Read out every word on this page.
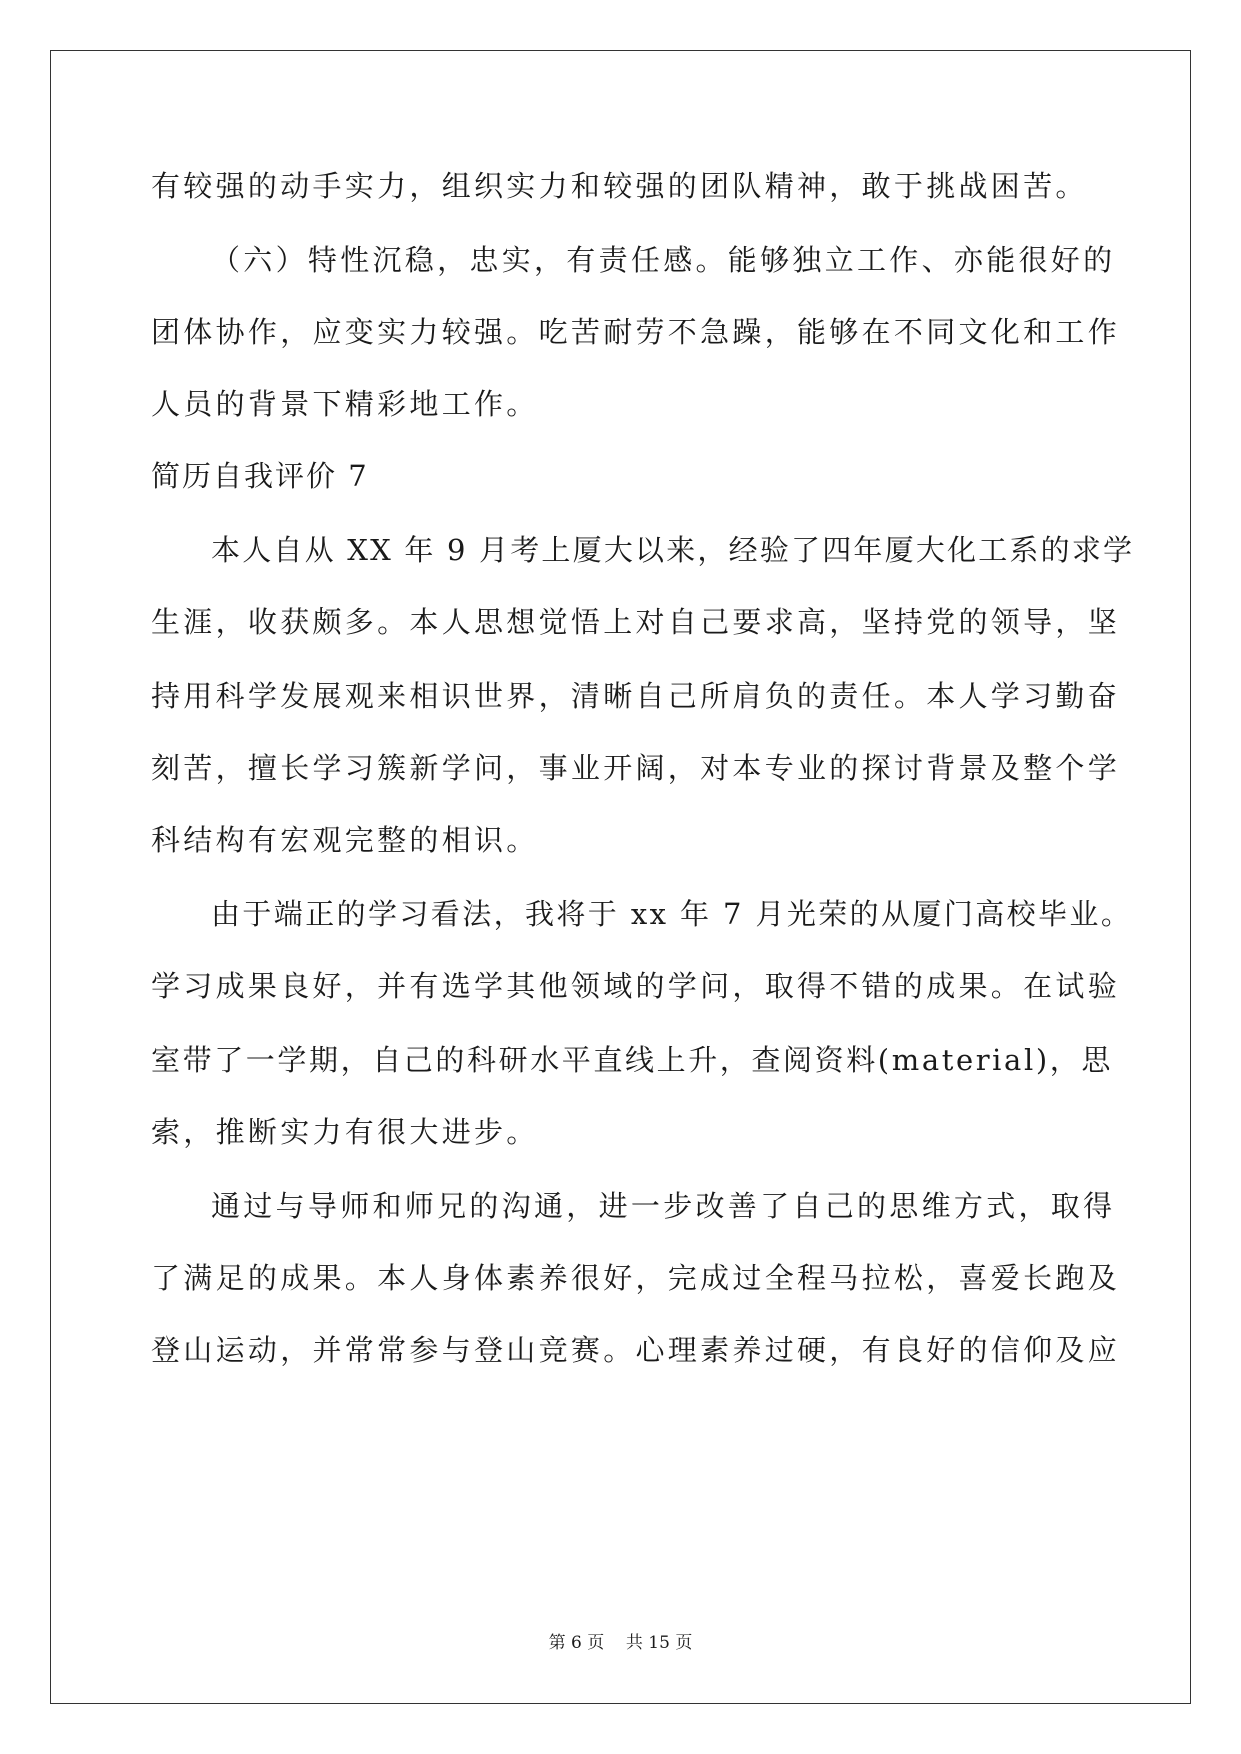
有较强的动手实力，组织实力和较强的团队精神，敢于挑战困苦。
（六）特性沉稳，忠实，有责任感。能够独立工作、亦能很好的
团体协作，应变实力较强。吃苦耐劳不急躁，能够在不同文化和工作
人员的背景下精彩地工作。
简历自我评价 7
本人自从 XX 年 9 月考上厦大以来，经验了四年厦大化工系的求学
生涯，收获颇多。本人思想觉悟上对自己要求高，坚持党的领导，坚
持用科学发展观来相识世界，清晰自己所肩负的责任。本人学习勤奋
刻苦，擅长学习簇新学问，事业开阔，对本专业的探讨背景及整个学
科结构有宏观完整的相识。
由于端正的学习看法，我将于 xx 年 7 月光荣的从厦门高校毕业。
学习成果良好，并有选学其他领域的学问，取得不错的成果。在试验
室带了一学期，自己的科研水平直线上升，查阅资料(material)，思
索，推断实力有很大进步。
通过与导师和师兄的沟通，进一步改善了自己的思维方式，取得
了满足的成果。本人身体素养很好，完成过全程马拉松，喜爱长跑及
登山运动，并常常参与登山竞赛。心理素养过硬，有良好的信仰及应
第 6 页    共 15 页
